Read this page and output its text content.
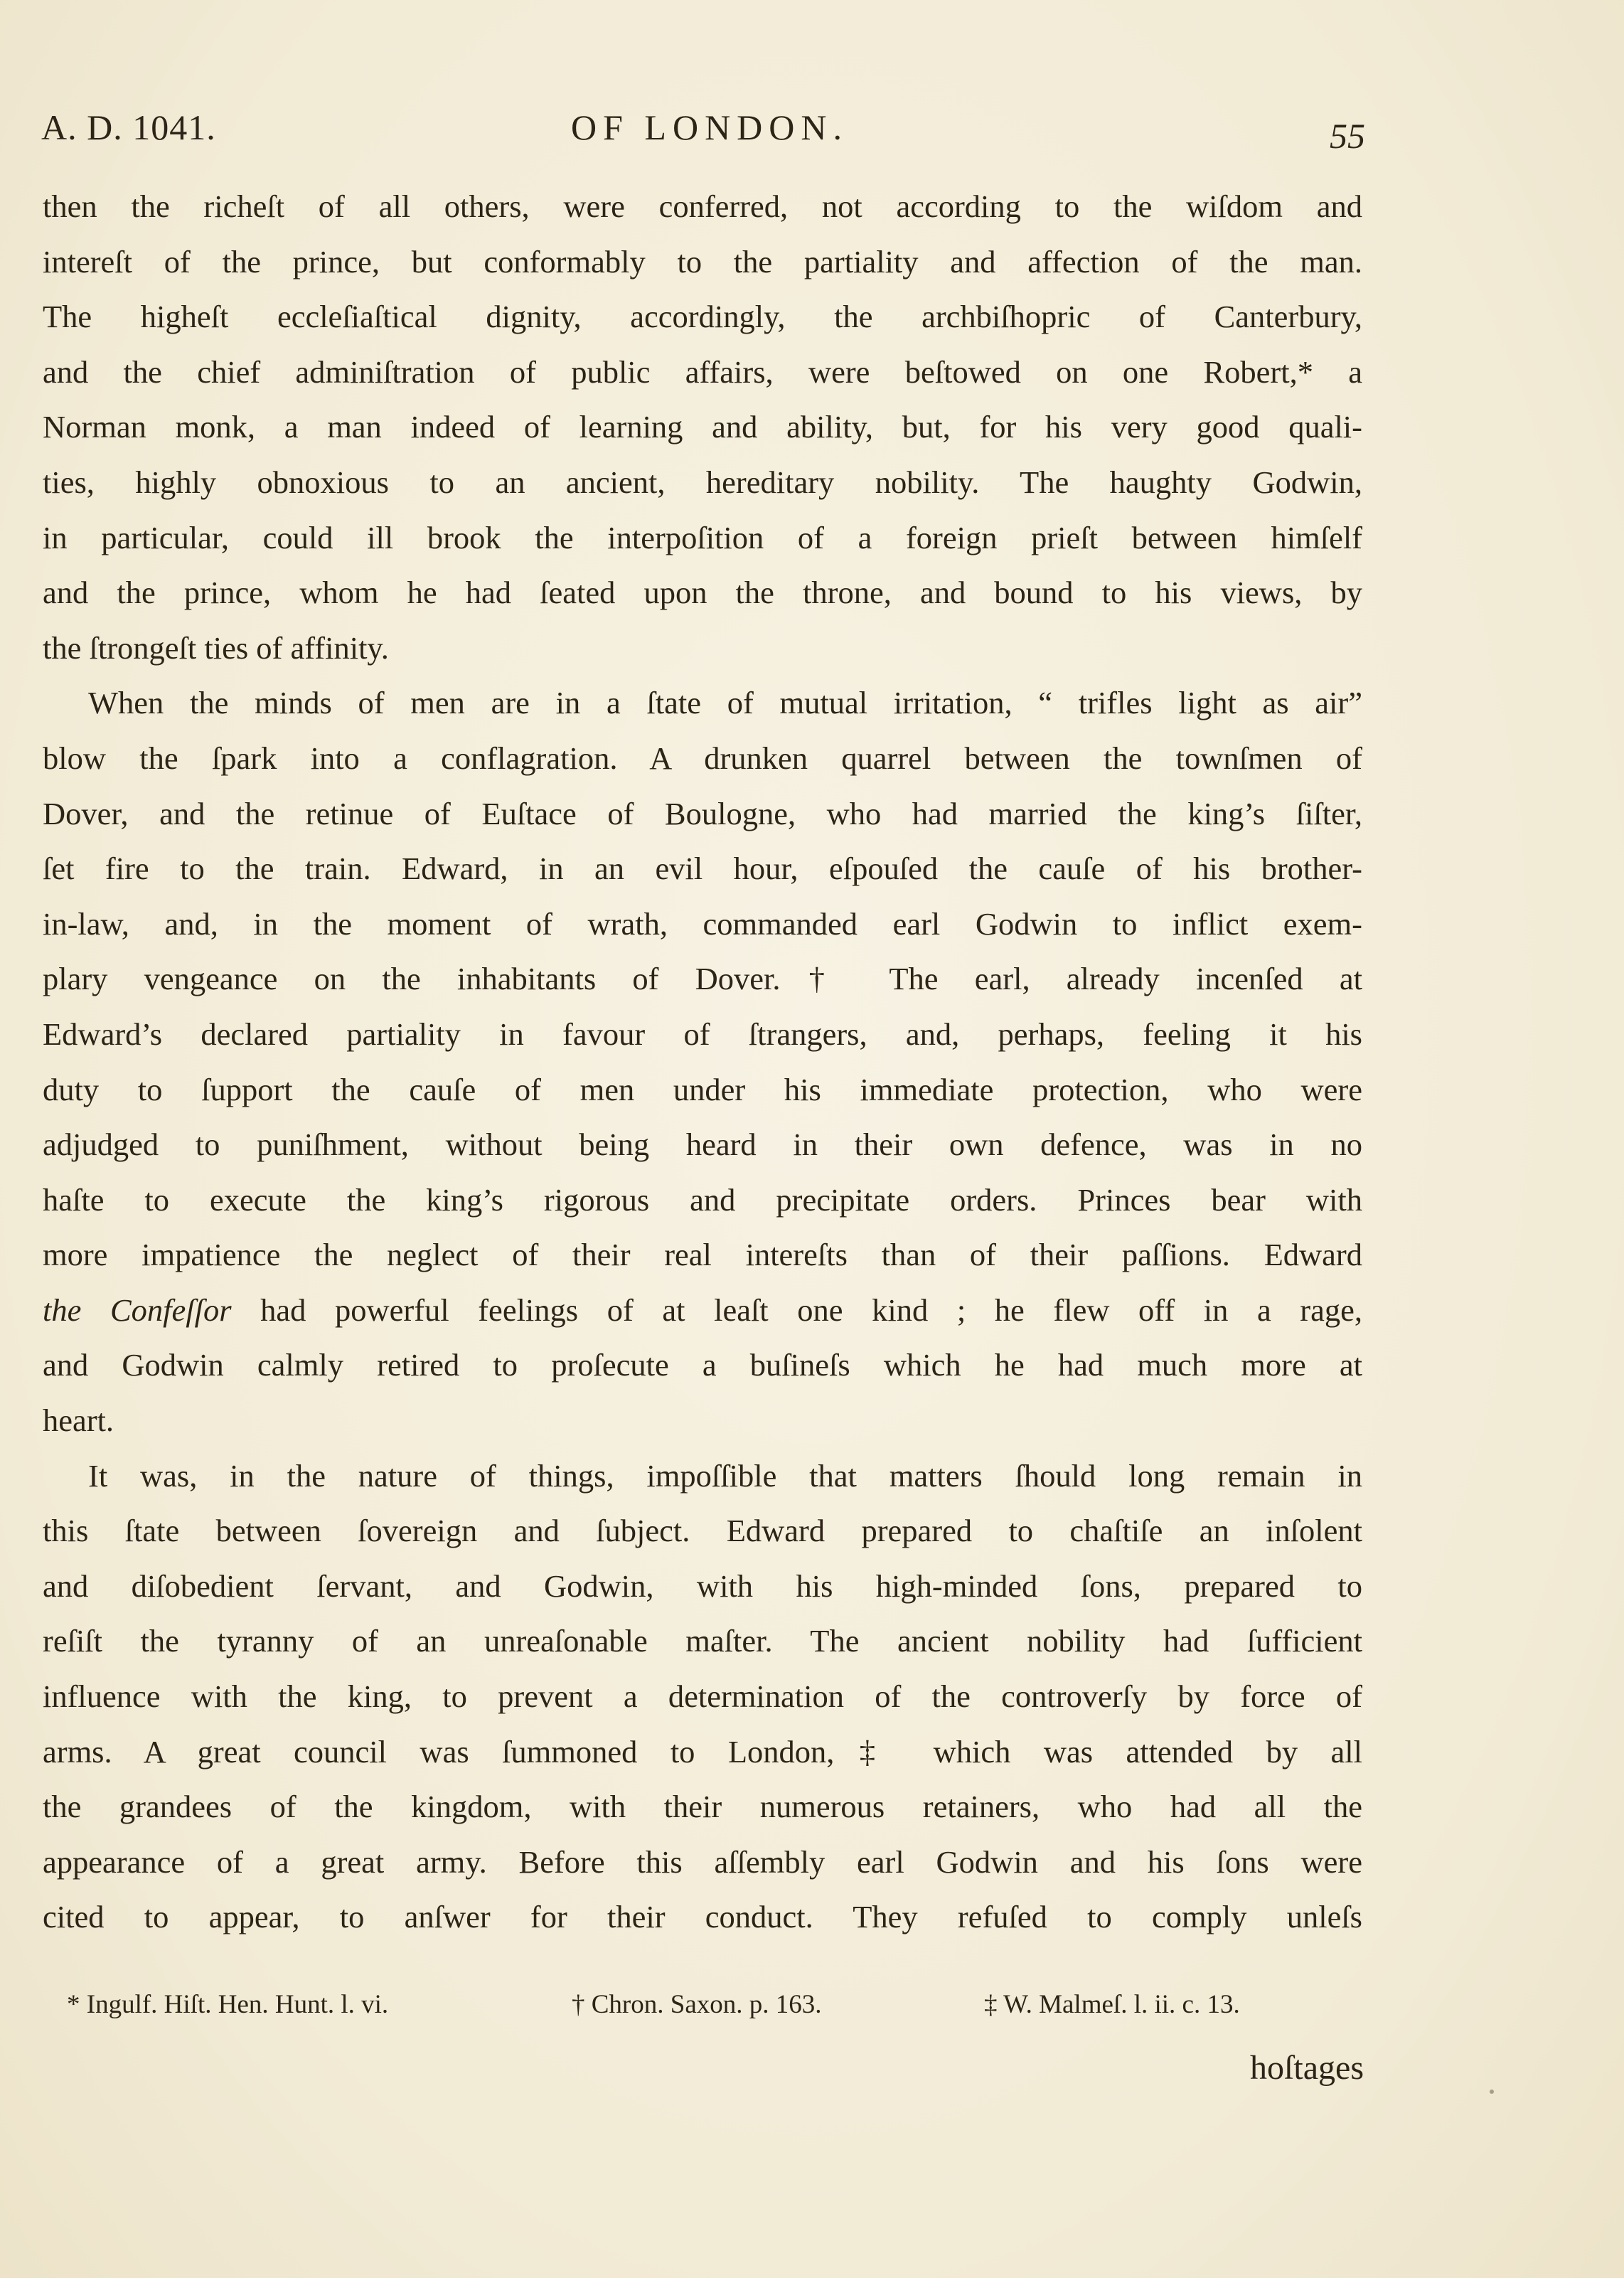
A. D. 1041.	OF LONDON.	55
then the richeſt of all others, were conferred, not according to the wiſdom and
intereſt of the prince, but conformably to the partiality and affection of the man.
The higheſt eccleſiaſtical dignity, accordingly, the archbiſhopric of Canterbury,
and the chief adminiſtration of public affairs, were beſtowed on one Robert,* a
Norman monk, a man indeed of learning and ability, but, for his very good quali-
ties, highly obnoxious to an ancient, hereditary nobility. The haughty Godwin,
in particular, could ill brook the interpoſition of a foreign prieſt between himſelf
and the prince, whom he had ſeated upon the throne, and bound to his views, by
the ſtrongeſt ties of affinity.
When the minds of men are in a ſtate of mutual irritation, “ trifles light as air”
blow the ſpark into a conflagration. A drunken quarrel between the townſmen of
Dover, and the retinue of Euſtace of Boulogne, who had married the king’s ſiſter,
ſet fire to the train. Edward, in an evil hour, eſpouſed the cauſe of his brother-
in-law, and, in the moment of wrath, commanded earl Godwin to inflict exem-
plary vengeance on the inhabitants of Dover.† The earl, already incenſed at
Edward’s declared partiality in favour of ſtrangers, and, perhaps, feeling it his
duty to ſupport the cauſe of men under his immediate protection, who were
adjudged to puniſhment, without being heard in their own defence, was in no
haſte to execute the king’s rigorous and precipitate orders. Princes bear with
more impatience the neglect of their real intereſts than of their paſſions. Edward
the Confeſſor had powerful feelings of at leaſt one kind ; he flew off in a rage,
and Godwin calmly retired to proſecute a buſineſs which he had much more at
heart.
It was, in the nature of things, impoſſible that matters ſhould long remain in
this ſtate between ſovereign and ſubject. Edward prepared to chaſtiſe an inſolent
and diſobedient ſervant, and Godwin, with his high-minded ſons, prepared to
reſiſt the tyranny of an unreaſonable maſter. The ancient nobility had ſufficient
influence with the king, to prevent a determination of the controverſy by force of
arms. A great council was ſummoned to London,‡ which was attended by all
the grandees of the kingdom, with their numerous retainers, who had all the
appearance of a great army. Before this aſſembly earl Godwin and his ſons were
cited to appear, to anſwer for their conduct. They refuſed to comply unleſs
* Ingulf. Hiſt. Hen. Hunt. l. vi.	† Chron. Saxon. p. 163.	‡ W. Malmeſ. l. ii. c. 13.
hoſtages
